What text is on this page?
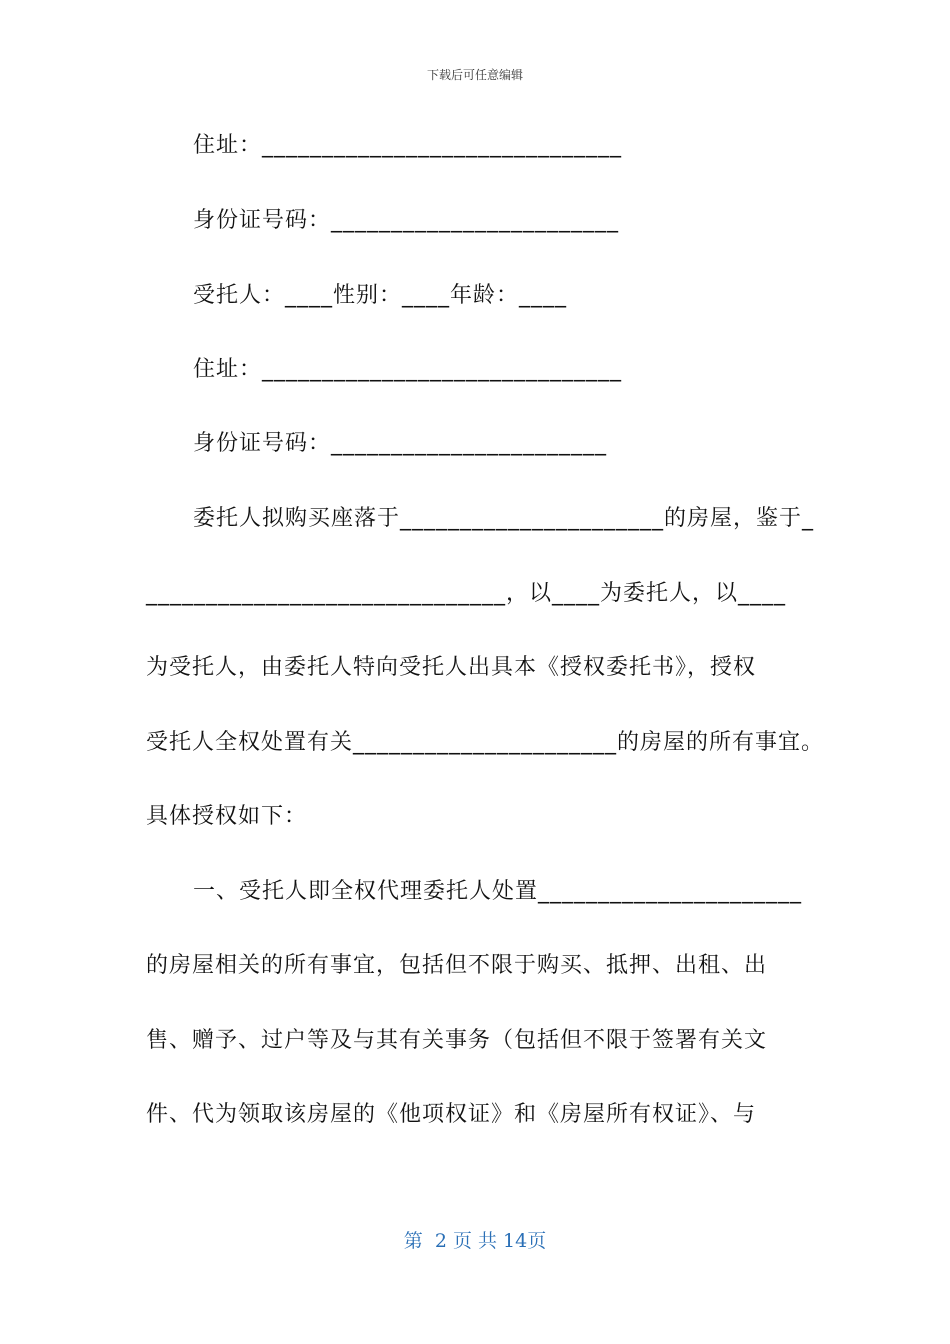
下载后可任意编辑
住址：______________________________
身份证号码：________________________
受托人：____性别：____年龄：____
住址：______________________________
身份证号码：_______________________
委托人拟购买座落于______________________的房屋，鉴于_
______________________________，以____为委托人，以____
为受托人，由委托人特向受托人出具本《授权委托书》，授权
受托人全权处置有关______________________的房屋的所有事宜。
具体授权如下：
一、受托人即全权代理委托人处置______________________
的房屋相关的所有事宜，包括但不限于购买、抵押、出租、出
售、赠予、过户等及与其有关事务（包括但不限于签署有关文
件、代为领取该房屋的《他项权证》和《房屋所有权证》、与
第  2 页 共 14页
